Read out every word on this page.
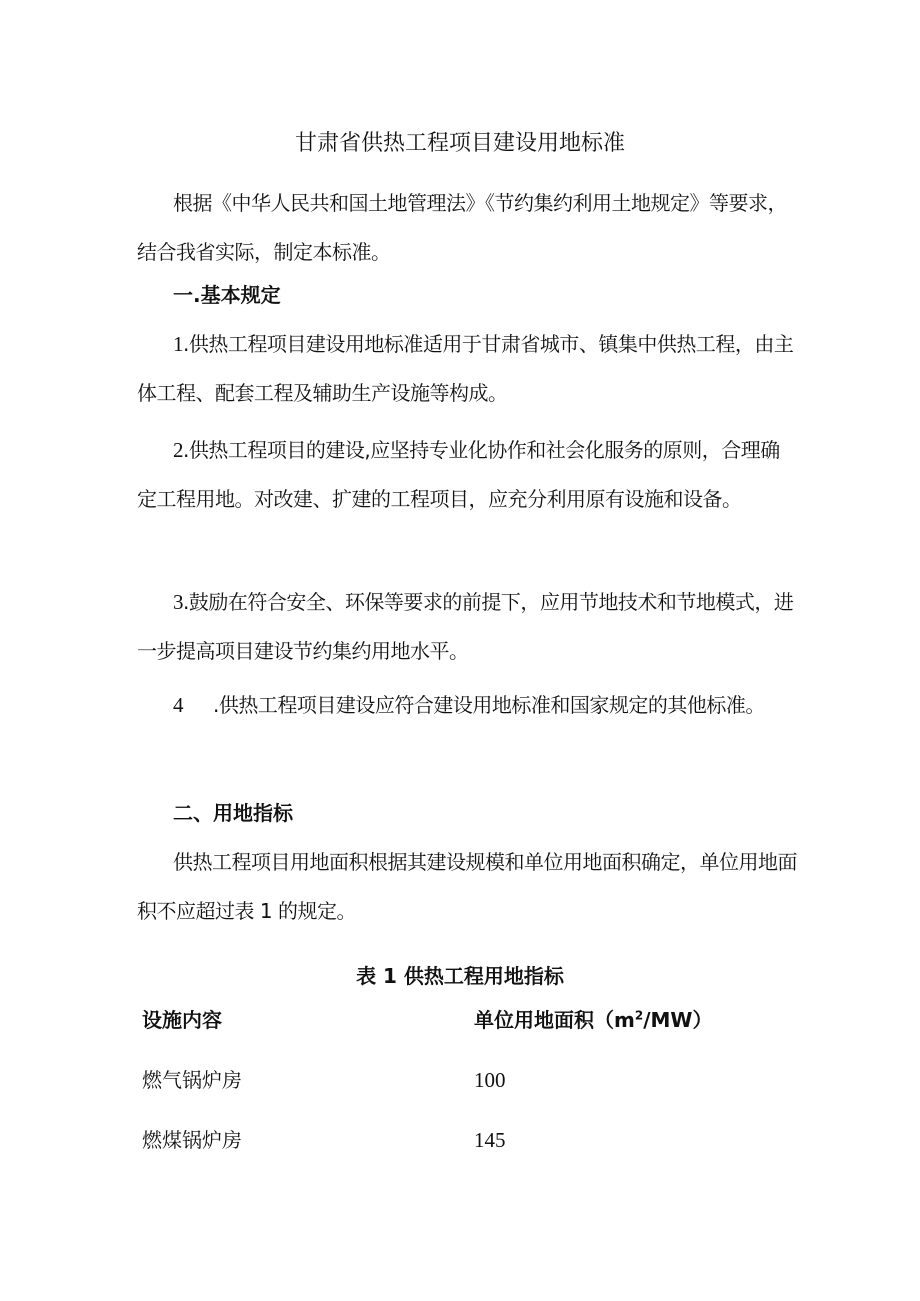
甘肃省供热工程项目建设用地标准

根据《中华人民共和国土地管理法》《节约集约利用土地规定》等要求，结合我省实际，制定本标准。

一.基本规定

1.供热工程项目建设用地标准适用于甘肃省城市、镇集中供热工程，由主体工程、配套工程及辅助生产设施等构成。

2.供热工程项目的建设,应坚持专业化协作和社会化服务的原则，合理确定工程用地。对改建、扩建的工程项目，应充分利用原有设施和设备。

3.鼓励在符合安全、环保等要求的前提下，应用节地技术和节地模式，进一步提高项目建设节约集约用地水平。

4 .供热工程项目建设应符合建设用地标准和国家规定的其他标准。

二、用地指标

供热工程项目用地面积根据其建设规模和单位用地面积确定，单位用地面积不应超过表 1 的规定。

表 1 供热工程用地指标
设施内容	单位用地面积$(m^2/MW)$
燃气锅炉房	100
燃煤锅炉房	145
